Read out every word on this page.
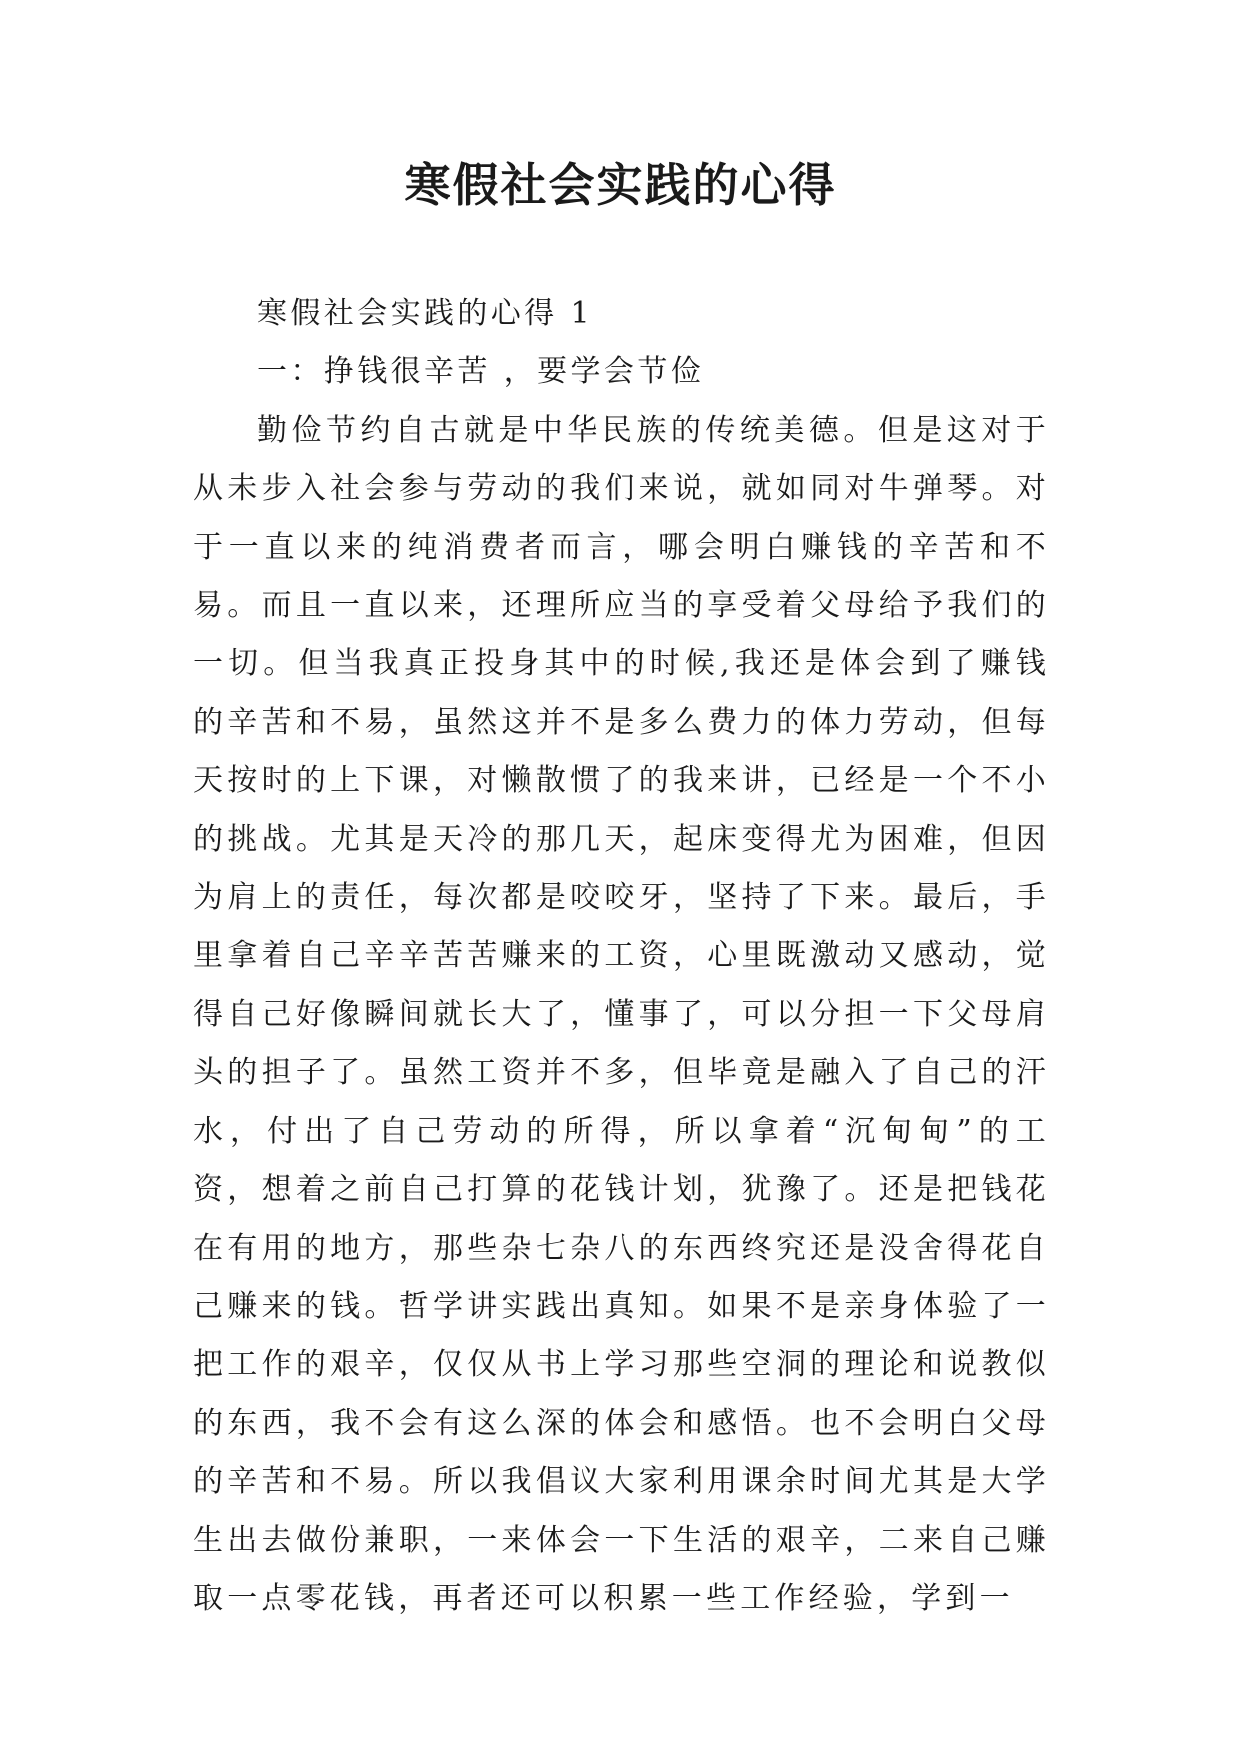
寒假社会实践的心得

寒假社会实践的心得 1

一：挣钱很辛苦 ，要学会节俭

勤俭节约自古就是中华民族的传统美德。但是这对于从未步入社会参与劳动的我们来说，就如同对牛弹琴。对于一直以来的纯消费者而言，哪会明白赚钱的辛苦和不易。而且一直以来，还理所应当的享受着父母给予我们的一切。但当我真正投身其中的时候,我还是体会到了赚钱的辛苦和不易，虽然这并不是多么费力的体力劳动，但每天按时的上下课，对懒散惯了的我来讲，已经是一个不小的挑战。尤其是天冷的那几天，起床变得尤为困难，但因为肩上的责任，每次都是咬咬牙，坚持了下来。最后，手里拿着自己辛辛苦苦赚来的工资，心里既激动又感动，觉得自己好像瞬间就长大了，懂事了，可以分担一下父母肩头的担子了。虽然工资并不多，但毕竟是融入了自己的汗水，付出了自己劳动的所得，所以拿着“沉甸甸”的工资，想着之前自己打算的花钱计划，犹豫了。还是把钱花在有用的地方，那些杂七杂八的东西终究还是没舍得花自己赚来的钱。哲学讲实践出真知。如果不是亲身体验了一把工作的艰辛，仅仅从书上学习那些空洞的理论和说教似的东西，我不会有这么深的体会和感悟。也不会明白父母的辛苦和不易。所以我倡议大家利用课余时间尤其是大学生出去做份兼职，一来体会一下生活的艰辛，二来自己赚取一点零花钱，再者还可以积累一些工作经验，学到一
